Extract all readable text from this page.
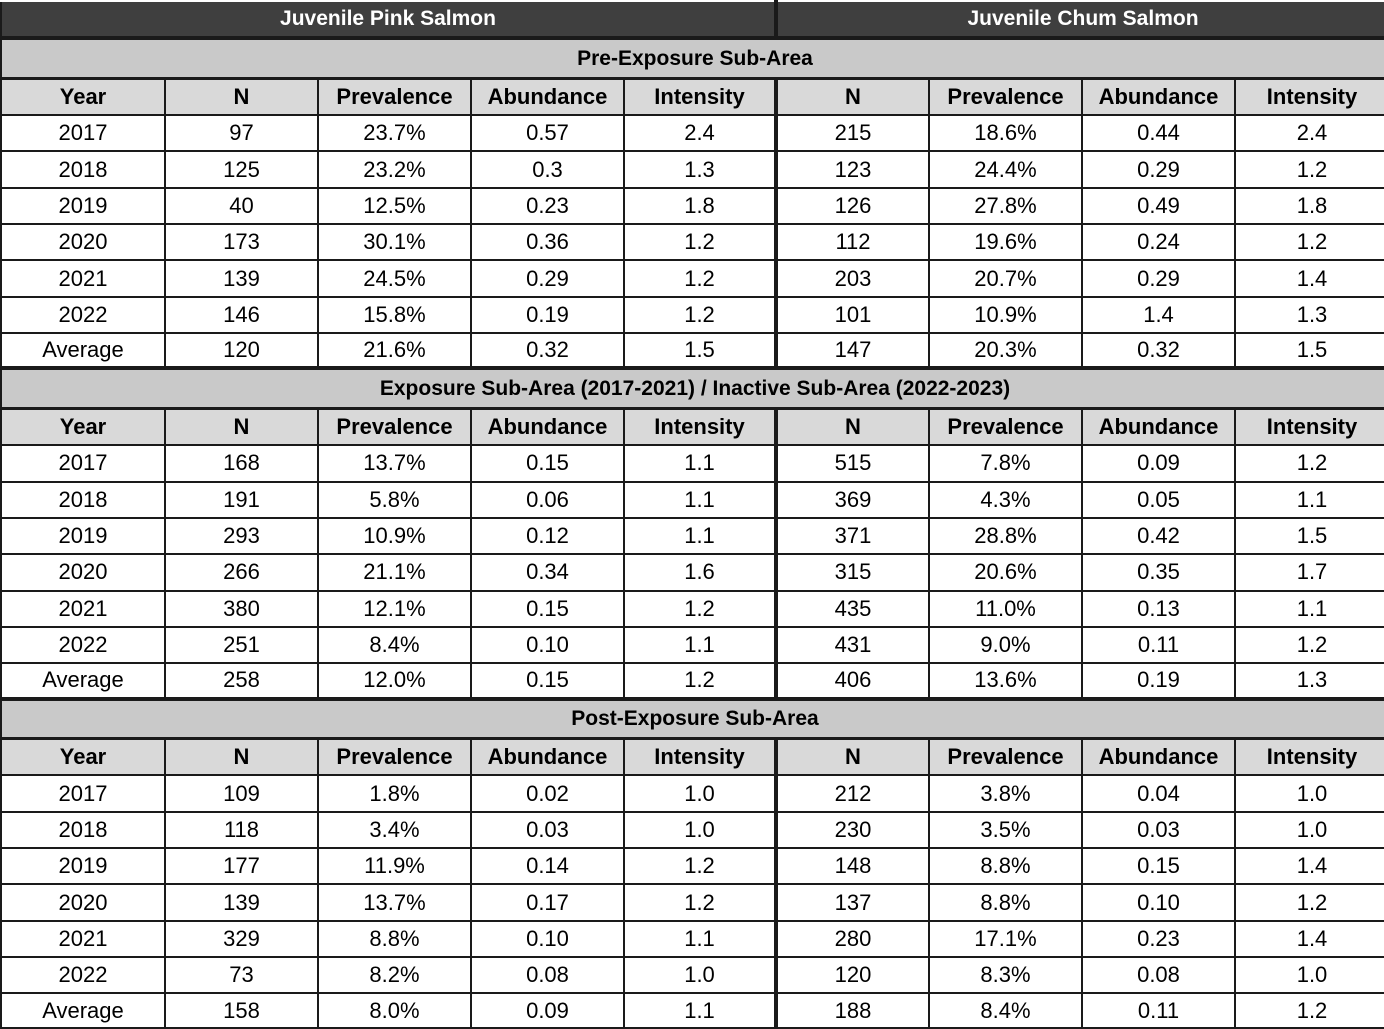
Juvenile Pink Salmon					Juvenile Chum Salmon			
Pre-Exposure Sub-Area								
Year	N	Prevalence	Abundance	Intensity	N	Prevalence	Abundance	Intensity
2017	97	23.7%	0.57	2.4	215	18.6%	0.44	2.4
2018	125	23.2%	0.3	1.3	123	24.4%	0.29	1.2
2019	40	12.5%	0.23	1.8	126	27.8%	0.49	1.8
2020	173	30.1%	0.36	1.2	112	19.6%	0.24	1.2
2021	139	24.5%	0.29	1.2	203	20.7%	0.29	1.4
2022	146	15.8%	0.19	1.2	101	10.9%	1.4	1.3
Average	120	21.6%	0.32	1.5	147	20.3%	0.32	1.5
Exposure Sub-Area (2017-2021) / Inactive Sub-Area (2022-2023)								
Year	N	Prevalence	Abundance	Intensity	N	Prevalence	Abundance	Intensity
2017	168	13.7%	0.15	1.1	515	7.8%	0.09	1.2
2018	191	5.8%	0.06	1.1	369	4.3%	0.05	1.1
2019	293	10.9%	0.12	1.1	371	28.8%	0.42	1.5
2020	266	21.1%	0.34	1.6	315	20.6%	0.35	1.7
2021	380	12.1%	0.15	1.2	435	11.0%	0.13	1.1
2022	251	8.4%	0.10	1.1	431	9.0%	0.11	1.2
Average	258	12.0%	0.15	1.2	406	13.6%	0.19	1.3
Post-Exposure Sub-Area								
Year	N	Prevalence	Abundance	Intensity	N	Prevalence	Abundance	Intensity
2017	109	1.8%	0.02	1.0	212	3.8%	0.04	1.0
2018	118	3.4%	0.03	1.0	230	3.5%	0.03	1.0
2019	177	11.9%	0.14	1.2	148	8.8%	0.15	1.4
2020	139	13.7%	0.17	1.2	137	8.8%	0.10	1.2
2021	329	8.8%	0.10	1.1	280	17.1%	0.23	1.4
2022	73	8.2%	0.08	1.0	120	8.3%	0.08	1.0
Average	158	8.0%	0.09	1.1	188	8.4%	0.11	1.2
